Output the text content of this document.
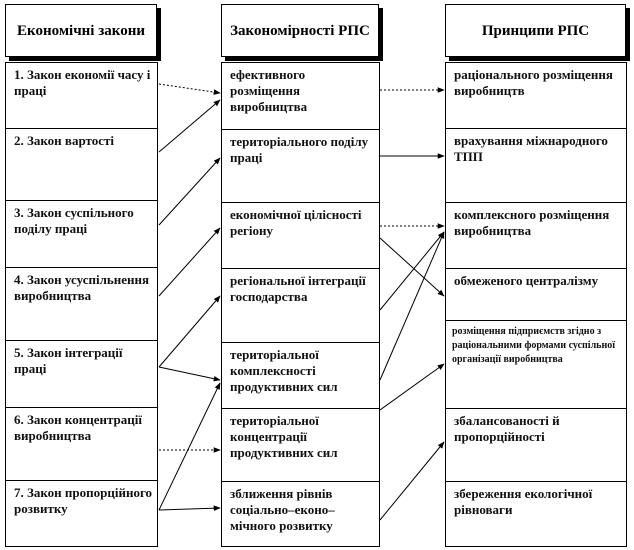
Економічні закони	Закономірності РПС	Принципи РПС
1. Закон економії часу і праці
2. Закон вартості
3. Закон суспільного поділу праці
4. Закон усуспільнення виробництва
5. Закон інтеграції праці
6. Закон концентрації виробництва
7. Закон пропорційного розвитку
ефективного розміщення виробництва
територіального поділу праці
економічної цілісності регіону
регіональної інтеграції господарства
територіальної комплексності продуктивних сил
територіальної концентрації продуктивних сил
зближення рівнів соціально–еконо–мічного розвитку
раціонального розміщення виробництв
врахування міжнародного ТПП
комплексного розміщення виробництва
обмеженого централізму
розміщення підприємств згідно з раціональними формами суспільної організації виробництва
збалансованості й пропорційності
збереження екологічної рівноваги
